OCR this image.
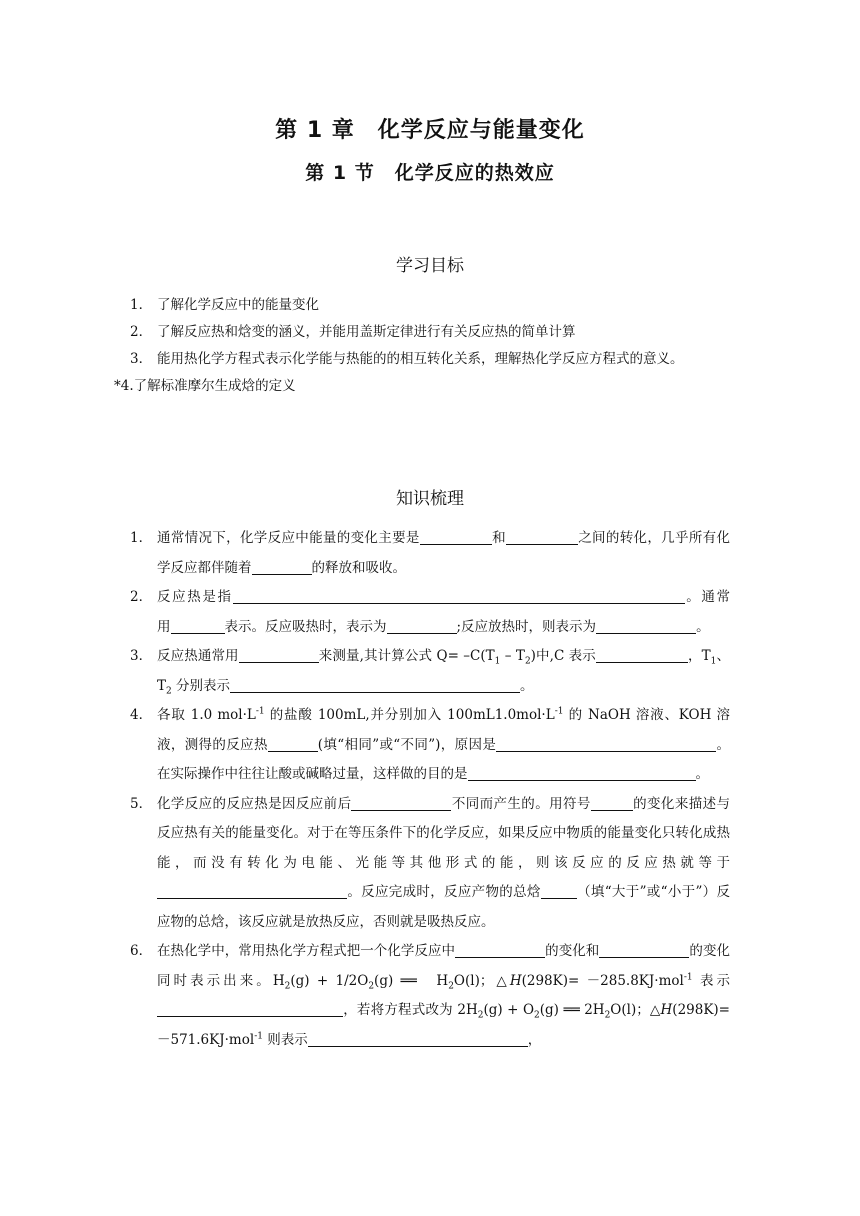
第 1 章　化学反应与能量变化
第 1 节　化学反应的热效应
学习目标
1． 了解化学反应中的能量变化
2． 了解反应热和焓变的涵义，并能用盖斯定律进行有关反应热的简单计算
3． 能用热化学方程式表示化学能与热能的的相互转化关系，理解热化学反应方程式的意义。
*4.了解标准摩尔生成焓的定义
知识梳理
1． 通常情况下，化学反应中能量的变化主要是	和	之间的转化，几乎所有化学反应都伴随着	的释放和吸收。
2． 反应热是指	。通常用	表示。反应吸热时，表示为	;反应放热时，则表示为	。
3． 反应热通常用	来测量,其计算公式 $Q= -C(T_1 - T_2)$中,C 表示	，$T_1$、$T_2$ 分别表示	。
4． 各取 1.0 $mol\cdot L^{-1}$ 的盐酸 100mL,并分别加入 $100mL1.0mol\cdot L^{-1}$ 的 NaOH 溶液、KOH 溶液，测得的反应热	(填“相同”或“不同”)，原因是	。在实际操作中往往让酸或碱略过量，这样做的目的是	。
5． 化学反应的反应热是因反应前后	不同而产生的。用符号	的变化来描述与反应热有关的能量变化。对于在等压条件下的化学反应，如果反应中物质的能量变化只转化成热能，而没有转化为电能、光能等其他形式的能，则该反应的反应热就等于。反应完成时，反应产物的总焓	（填“大于”或“小于”）反应物的总焓，该反应就是放热反应，否则就是吸热反应。
6． 在热化学中，常用热化学方程式把一个化学反应中	的变化和	的变化同时表示出来。$H_2(g) + 1/2O_2(g)$ ══　$H_2O(l)$；△H(298K)= －285.8KJ·mol$^{-1}$ 表示，若将方程式改为 $2H_2(g) + O_2(g)$ ══ $2H_2O(l)$；△H(298K)= －571.6KJ·mol$^{-1}$ 则表示	，
